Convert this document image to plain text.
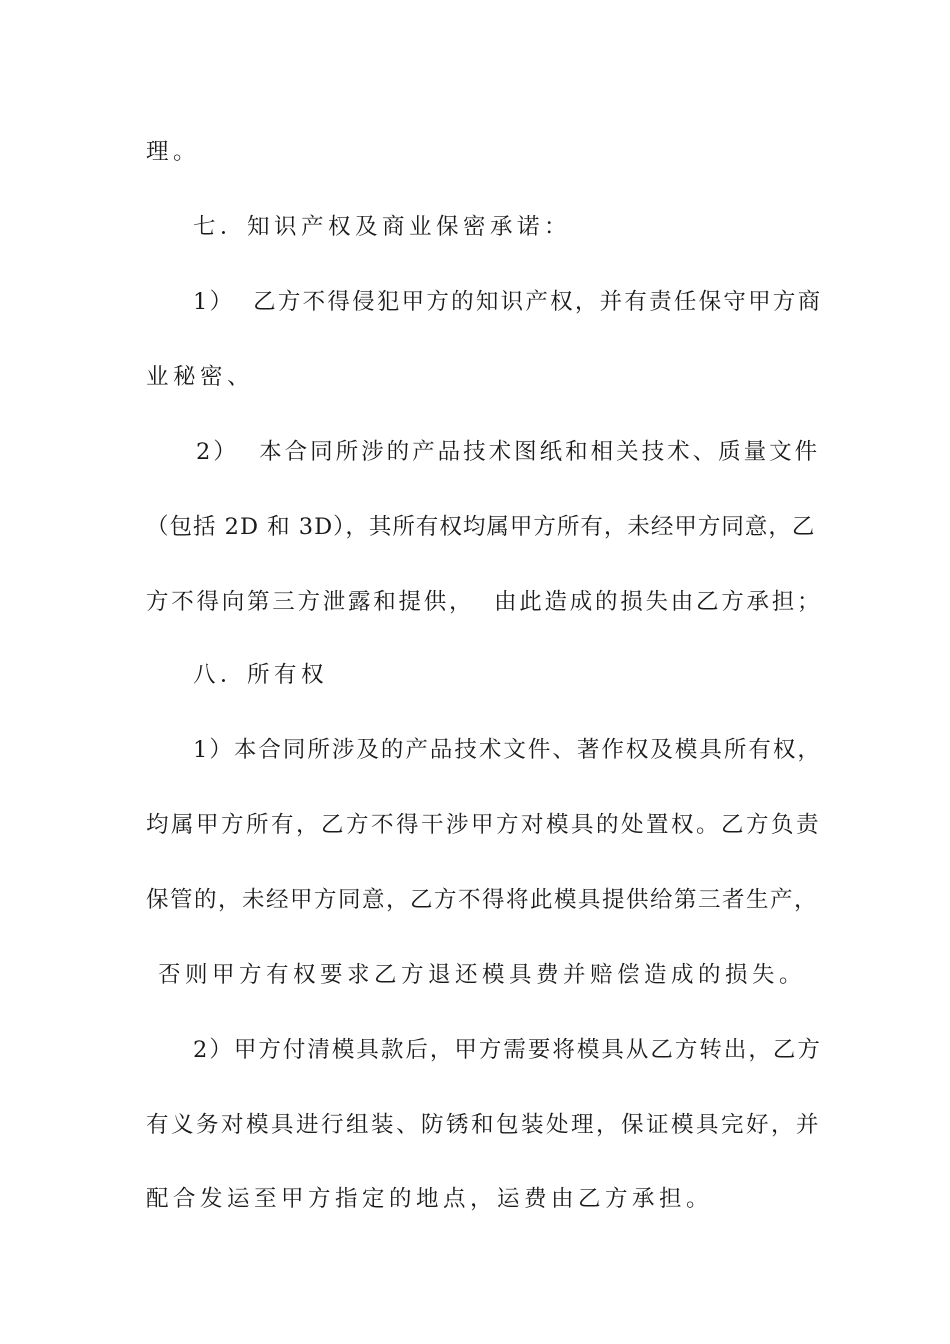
理。
七．知识产权及商业保密承诺：
1）  乙方不得侵犯甲方的知识产权，并有责任保守甲方商
业秘密、
2）  本合同所涉的产品技术图纸和相关技术、质量文件
（包括 2D 和 3D），其所有权均属甲方所有，未经甲方同意，乙
方不得向第三方泄露和提供，  由此造成的损失由乙方承担；
八．所有权
1）本合同所涉及的产品技术文件、著作权及模具所有权，
均属甲方所有，乙方不得干涉甲方对模具的处置权。乙方负责
保管的，未经甲方同意，乙方不得将此模具提供给第三者生产，
否则甲方有权要求乙方退还模具费并赔偿造成的损失。
2）甲方付清模具款后，甲方需要将模具从乙方转出，乙方
有义务对模具进行组装、防锈和包装处理，保证模具完好，并
配合发运至甲方指定的地点，运费由乙方承担。
